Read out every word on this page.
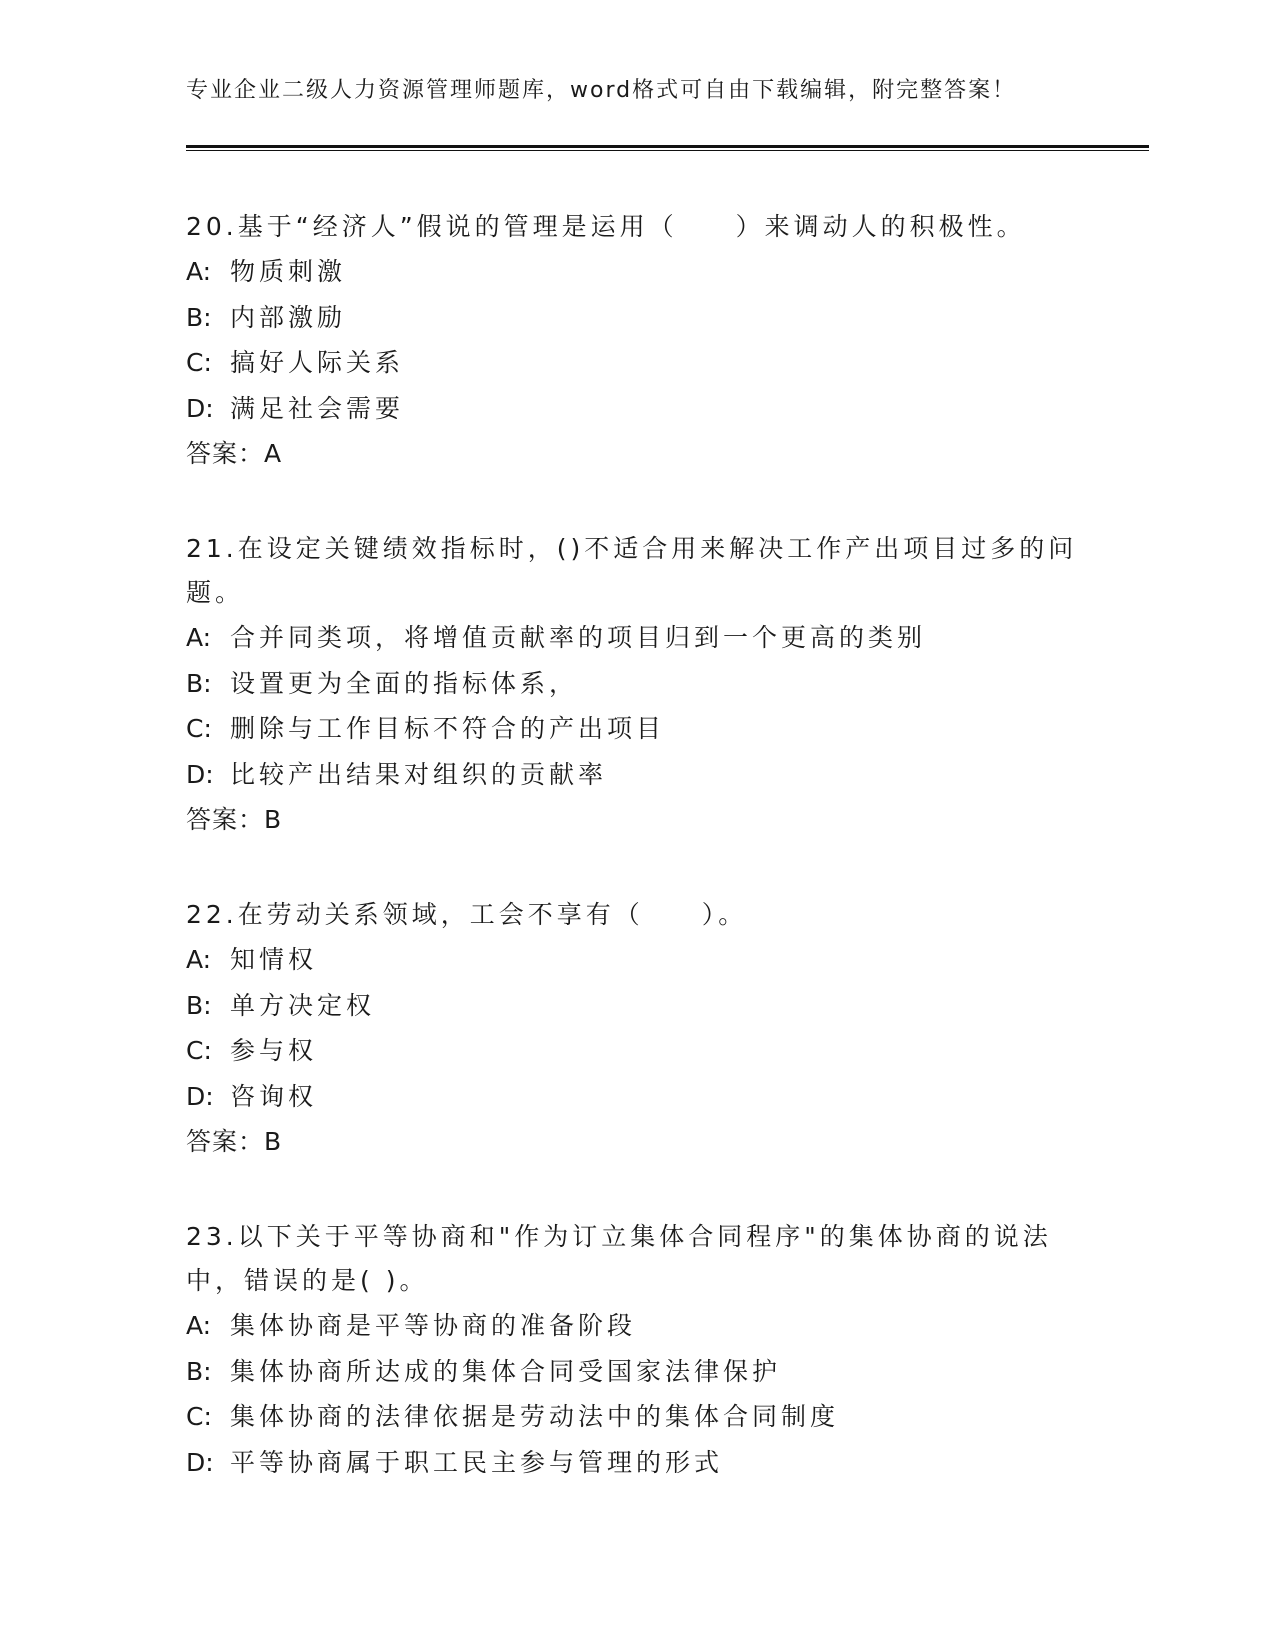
专业企业二级人力资源管理师题库，word格式可自由下载编辑，附完整答案！

20.基于“经济人”假说的管理是运用（　　）来调动人的积极性。

A: 物质刺激

B: 内部激励

C: 搞好人际关系

D: 满足社会需要

答案：A

21.在设定关键绩效指标时，()不适合用来解决工作产出项目过多的问题。

A: 合并同类项，将增值贡献率的项目归到一个更高的类别

B: 设置更为全面的指标体系，

C: 删除与工作目标不符合的产出项目

D: 比较产出结果对组织的贡献率

答案：B

22.在劳动关系领域，工会不享有（　　）。

A: 知情权

B: 单方决定权

C: 参与权

D: 咨询权

答案：B

23.以下关于平等协商和"作为订立集体合同程序"的集体协商的说法中，错误的是( )。

A: 集体协商是平等协商的准备阶段

B: 集体协商所达成的集体合同受国家法律保护

C: 集体协商的法律依据是劳动法中的集体合同制度

D: 平等协商属于职工民主参与管理的形式
